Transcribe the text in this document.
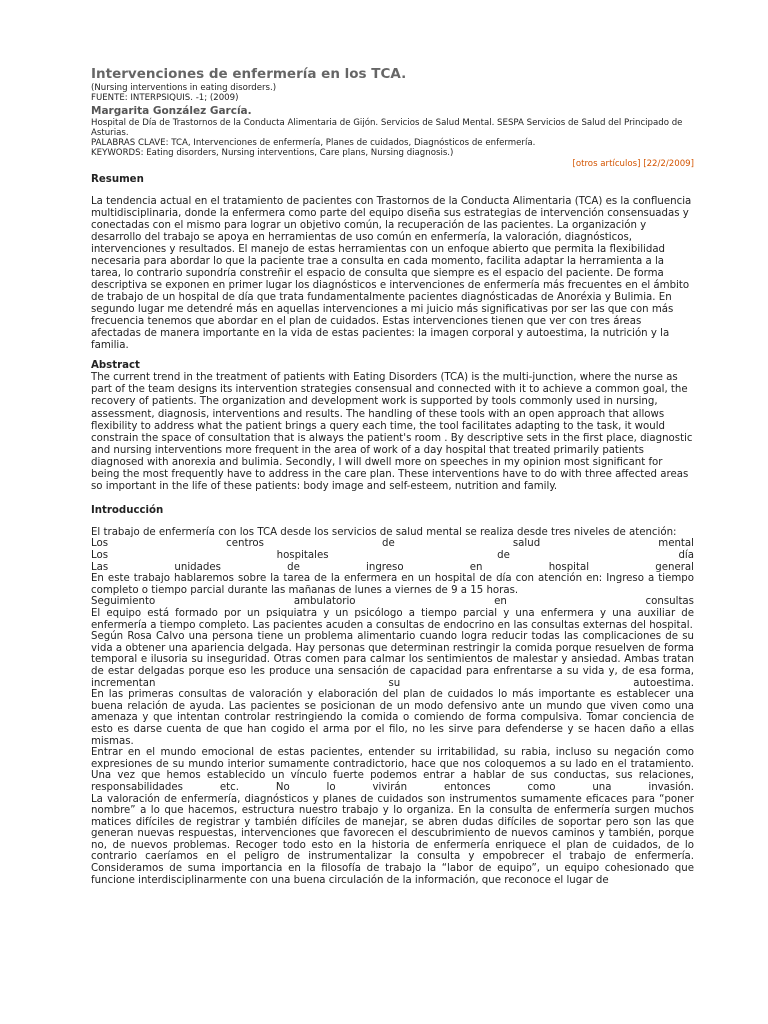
Intervenciones de enfermería en los TCA.

(Nursing interventions in eating disorders.)

FUENTE: INTERPSIQUIS. -1; (2009)

Margarita González García.

Hospital de Día de Trastornos de la Conducta Alimentaria de Gijón. Servicios de Salud Mental. SESPA Servicios de Salud del Principado de Asturias.

PALABRAS CLAVE: TCA, Intervenciones de enfermería, Planes de cuidados, Diagnósticos de enfermería.

KEYWORDS: Eating disorders, Nursing interventions, Care plans, Nursing diagnosis.)

[otros artículos] [22/2/2009]

Resumen

La tendencia actual en el tratamiento de pacientes con Trastornos de la Conducta Alimentaria (TCA) es la confluencia multidisciplinaria, donde la enfermera como parte del equipo diseña sus estrategias de intervención consensuadas y conectadas con el mismo para lograr un objetivo común, la recuperación de las pacientes. La organización y desarrollo del trabajo se apoya en herramientas de uso común en enfermería, la valoración, diagnósticos, intervenciones y resultados. El manejo de estas herramientas con un enfoque abierto que permita la flexibilidad necesaria para abordar lo que la paciente trae a consulta en cada momento, facilita adaptar la herramienta a la tarea, lo contrario supondría constreñir el espacio de consulta que siempre es el espacio del paciente. De forma descriptiva se exponen en primer lugar los diagnósticos e intervenciones de enfermería más frecuentes en el ámbito de trabajo de un hospital de día que trata fundamentalmente pacientes diagnósticadas de Anoréxia y Bulimia. En segundo lugar me detendré más en aquellas intervenciones a mi juicio más significativas por ser las que con más frecuencia tenemos que abordar en el plan de cuidados. Estas intervenciones tienen que ver con tres áreas afectadas de manera importante en la vida de estas pacientes: la imagen corporal y autoestima, la nutrición y la familia.

Abstract

The current trend in the treatment of patients with Eating Disorders (TCA) is the multi-junction, where the nurse as part of the team designs its intervention strategies consensual and connected with it to achieve a common goal, the recovery of patients. The organization and development work is supported by tools commonly used in nursing, assessment, diagnosis, interventions and results. The handling of these tools with an open approach that allows flexibility to address what the patient brings a query each time, the tool facilitates adapting to the task, it would constrain the space of consultation that is always the patient's room . By descriptive sets in the first place, diagnostic and nursing interventions more frequent in the area of work of a day hospital that treated primarily patients diagnosed with anorexia and bulimia. Secondly, I will dwell more on speeches in my opinion most significant for being the most frequently have to address in the care plan. These interventions have to do with three affected areas so important in the life of these patients: body image and self-esteem, nutrition and family.

Introducción
El trabajo de enfermería con los TCA desde los servicios de salud mental se realiza desde tres niveles de atención:
Los centros de salud mental
Los hospitales de día
Las unidades de ingreso en hospital general
En este trabajo hablaremos sobre la tarea de la enfermera en un hospital de día con atención en: Ingreso a tiempo completo o tiempo parcial durante las mañanas de lunes a viernes de 9 a 15 horas.
Seguimiento ambulatorio en consultas
El equipo está formado por un psiquiatra y un psicólogo a tiempo parcial y una enfermera y una auxiliar de enfermería a tiempo completo. Las pacientes acuden a consultas de endocrino en las consultas externas del hospital.
Según Rosa Calvo una persona tiene un problema alimentario cuando logra reducir todas las complicaciones de su vida a obtener una apariencia delgada. Hay personas que determinan restringir la comida porque resuelven de forma temporal e ilusoria su inseguridad. Otras comen para calmar los sentimientos de malestar y ansiedad. Ambas tratan de estar delgadas porque eso les produce una sensación de capacidad para enfrentarse a su vida y, de esa forma, incrementan su autoestima.
En las primeras consultas de valoración y elaboración del plan de cuidados lo más importante es establecer una buena relación de ayuda. Las pacientes se posicionan de un modo defensivo ante un mundo que viven como una amenaza y que intentan controlar restringiendo la comida o comiendo de forma compulsiva. Tomar conciencia de esto es darse cuenta de que han cogido el arma por el filo, no les sirve para defenderse y se hacen daño a ellas mismas.
Entrar en el mundo emocional de estas pacientes, entender su irritabilidad, su rabia, incluso su negación como expresiones de su mundo interior sumamente contradictorio, hace que nos coloquemos a su lado en el tratamiento. Una vez que hemos establecido un vínculo fuerte podemos entrar a hablar de sus conductas, sus relaciones, responsabilidades etc. No lo vivirán entonces como una invasión.
La valoración de enfermería, diagnósticos y planes de cuidados son instrumentos sumamente eficaces para “poner nombre” a lo que hacemos, estructura nuestro trabajo y lo organiza. En la consulta de enfermería surgen muchos matices difíciles de registrar y también difíciles de manejar, se abren dudas difíciles de soportar pero son las que generan nuevas respuestas, intervenciones que favorecen el descubrimiento de nuevos caminos y también, porque no, de nuevos problemas. Recoger todo esto en la historia de enfermería enriquece el plan de cuidados, de lo contrario caeríamos en el peligro de instrumentalizar la consulta y empobrecer el trabajo de enfermería.
Consideramos de suma importancia en la filosofía de trabajo la “labor de equipo”, un equipo cohesionado que funcione interdisciplinarmente con una buena circulación de la información, que reconoce el lugar de
